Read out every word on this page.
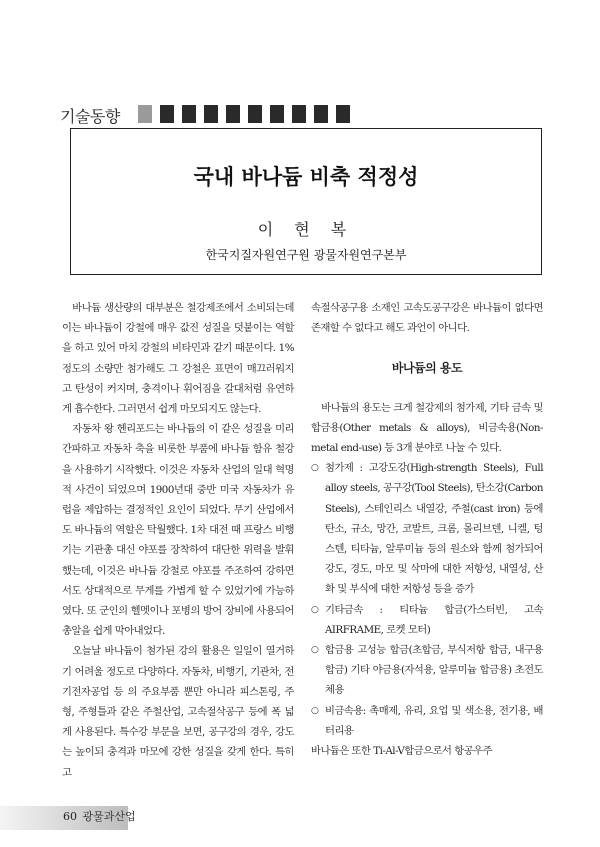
기술동향
국내 바나듐 비축 적정성
이 현 복
한국지질자원연구원 광물자원연구본부

바나듐 생산량의 대부분은 철강제조에서 소비되는데 이는 바나듐이 강철에 매우 값진 성질을 덧붙이는 역할을 하고 있어 마치 강철의 비타민과 같기 때문이다. 1%정도의 소량만 첨가해도 그 강철은 표면이 매끄러워지고 탄성이 커지며, 충격이나 휘어짐을 갈대처럼 유연하게 흡수한다. 그러면서 쉽게 마모되지도 않는다.

자동차 왕 헨리포드는 바나듐의 이 같은 성질을 미리 간파하고 자동차 축을 비롯한 부품에 바나듐 함유 철강을 사용하기 시작했다. 이것은 자동차 산업의 일대 혁명적 사건이 되었으며 1900년대 중반 미국 자동차가 유럽을 제압하는 결정적인 요인이 되었다. 무기 산업에서도 바나듐의 역할은 탁월했다. 1차 대전 때 프랑스 비행기는 기관총 대신 야포를 장착하여 대단한 위력을 발휘했는데, 이것은 바나듐 강철로 야포를 주조하여 강하면서도 상대적으로 무게를 가볍게 할 수 있었기에 가능하였다. 또 군인의 헬멧이나 포병의 방어 장비에 사용되어 총알을 쉽게 막아내었다.

오늘날 바나듐이 첨가된 강의 활용은 일일이 열거하기 어려울 정도로 다양하다. 자동차, 비행기, 기관차, 전기전자공업 등 의 주요부품 뿐만 아니라 피스톤링, 주형, 주형틀과 같은 주철산업, 고속절삭공구 등에 폭 넓게 사용된다. 특수강 부문을 보면, 공구강의 경우, 강도는 높이되 충격과 마모에 강한 성질을 갖게 한다. 특히 고

속절삭공구용 소재인 고속도공구강은 바나듐이 없다면 존재할 수 없다고 해도 과언이 아니다.

바나듐의 용도

바나듐의 용도는 크게 철강제의 첨가제, 기타 금속 및 합금용(Other metals & alloys), 비금속용(Non-metal end-use) 등 3개 분야로 나눌 수 있다.

○ 첨가제 : 고강도강(High-strength Steels), Full alloy steels, 공구강(Tool Steels), 탄소강(Carbon Steels), 스테인리스 내열강, 주철(cast iron) 등에 탄소, 규소, 망간, 코발트, 크롬, 몰리브덴, 니켈, 텅스텐, 티타늄, 알루미늄 등의 원소와 함께 첨가되어 강도, 경도, 마모 및 삭마에 대한 저항성, 내열성, 산화 및 부식에 대한 저항성 등을 증가
○ 기타금속 : 티타늄 합금(가스터빈, 고속 AIRFRAME, 로켓 모터)
○ 합금용 고성능 합금(초합금, 부식저항 합금, 내구용 합금) 기타 야금용(자석용, 알루미늄 합금용) 초전도체용
○ 비금속용: 촉매제, 유리, 요업 및 색소용, 전기용, 배터리용

바나듐은 또한 Ti-Al-V합금으로서 항공우주

60 광물과산업
